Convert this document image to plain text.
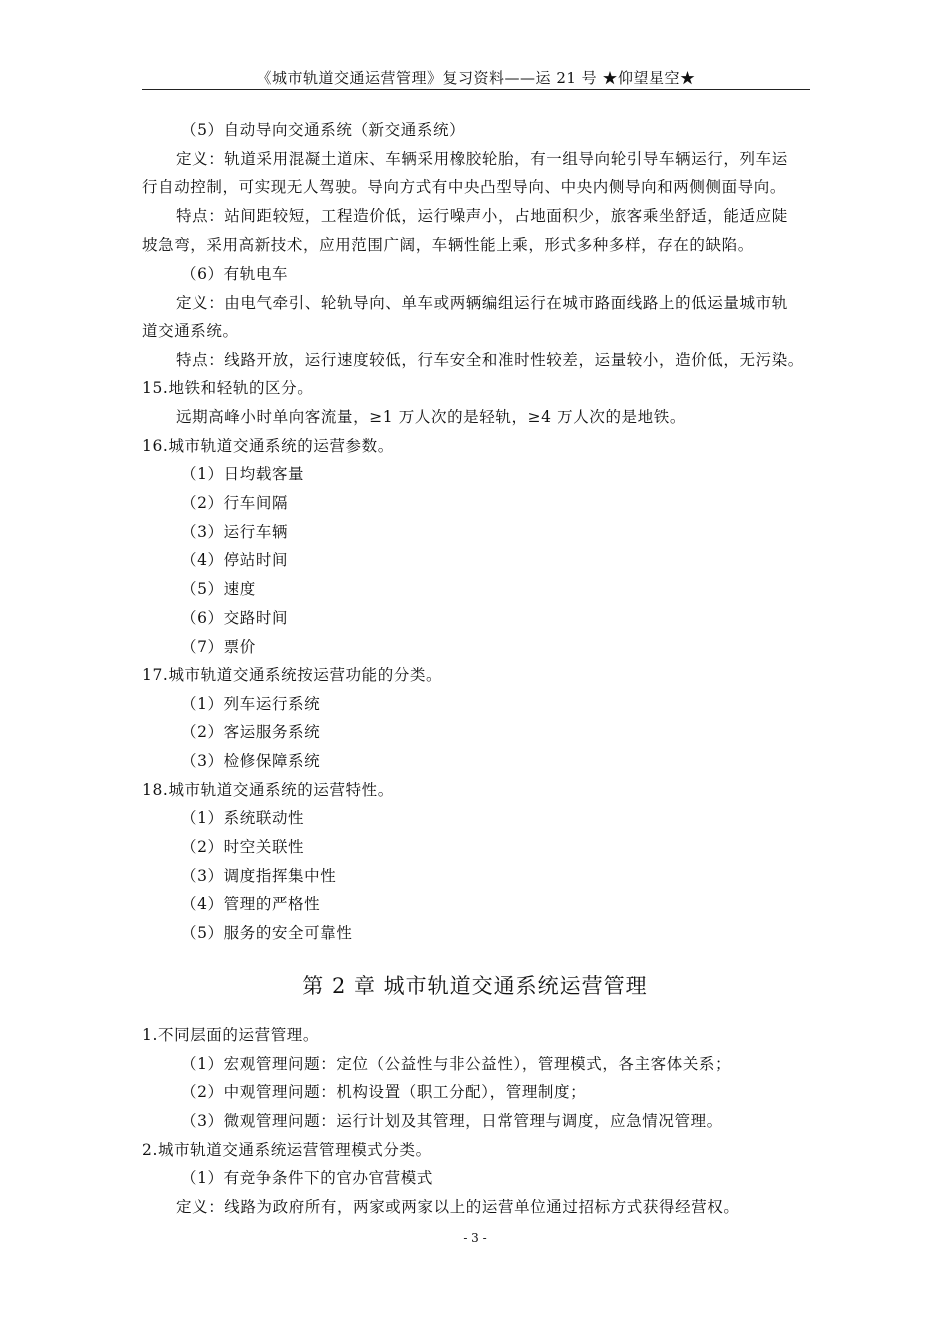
《城市轨道交通运营管理》复习资料——运 21 号 ★仰望星空★
（5）自动导向交通系统（新交通系统）
定义：轨道采用混凝土道床、车辆采用橡胶轮胎，有一组导向轮引导车辆运行，列车运
行自动控制，可实现无人驾驶。导向方式有中央凸型导向、中央内侧导向和两侧侧面导向。
特点：站间距较短，工程造价低，运行噪声小，占地面积少，旅客乘坐舒适，能适应陡
坡急弯，采用高新技术，应用范围广阔，车辆性能上乘，形式多种多样，存在的缺陷。
（6）有轨电车
定义：由电气牵引、轮轨导向、单车或两辆编组运行在城市路面线路上的低运量城市轨
道交通系统。
特点：线路开放，运行速度较低，行车安全和准时性较差，运量较小，造价低，无污染。
15.地铁和轻轨的区分。
远期高峰小时单向客流量，≥1 万人次的是轻轨，≥4 万人次的是地铁。
16.城市轨道交通系统的运营参数。
（1）日均载客量
（2）行车间隔
（3）运行车辆
（4）停站时间
（5）速度
（6）交路时间
（7）票价
17.城市轨道交通系统按运营功能的分类。
（1）列车运行系统
（2）客运服务系统
（3）检修保障系统
18.城市轨道交通系统的运营特性。
（1）系统联动性
（2）时空关联性
（3）调度指挥集中性
（4）管理的严格性
（5）服务的安全可靠性
1.不同层面的运营管理。
（1）宏观管理问题：定位（公益性与非公益性），管理模式，各主客体关系；
（2）中观管理问题：机构设置（职工分配），管理制度；
（3）微观管理问题：运行计划及其管理，日常管理与调度，应急情况管理。
2.城市轨道交通系统运营管理模式分类。
（1）有竞争条件下的官办官营模式
定义：线路为政府所有，两家或两家以上的运营单位通过招标方式获得经营权。
第 2 章 城市轨道交通系统运营管理
- 3 -
